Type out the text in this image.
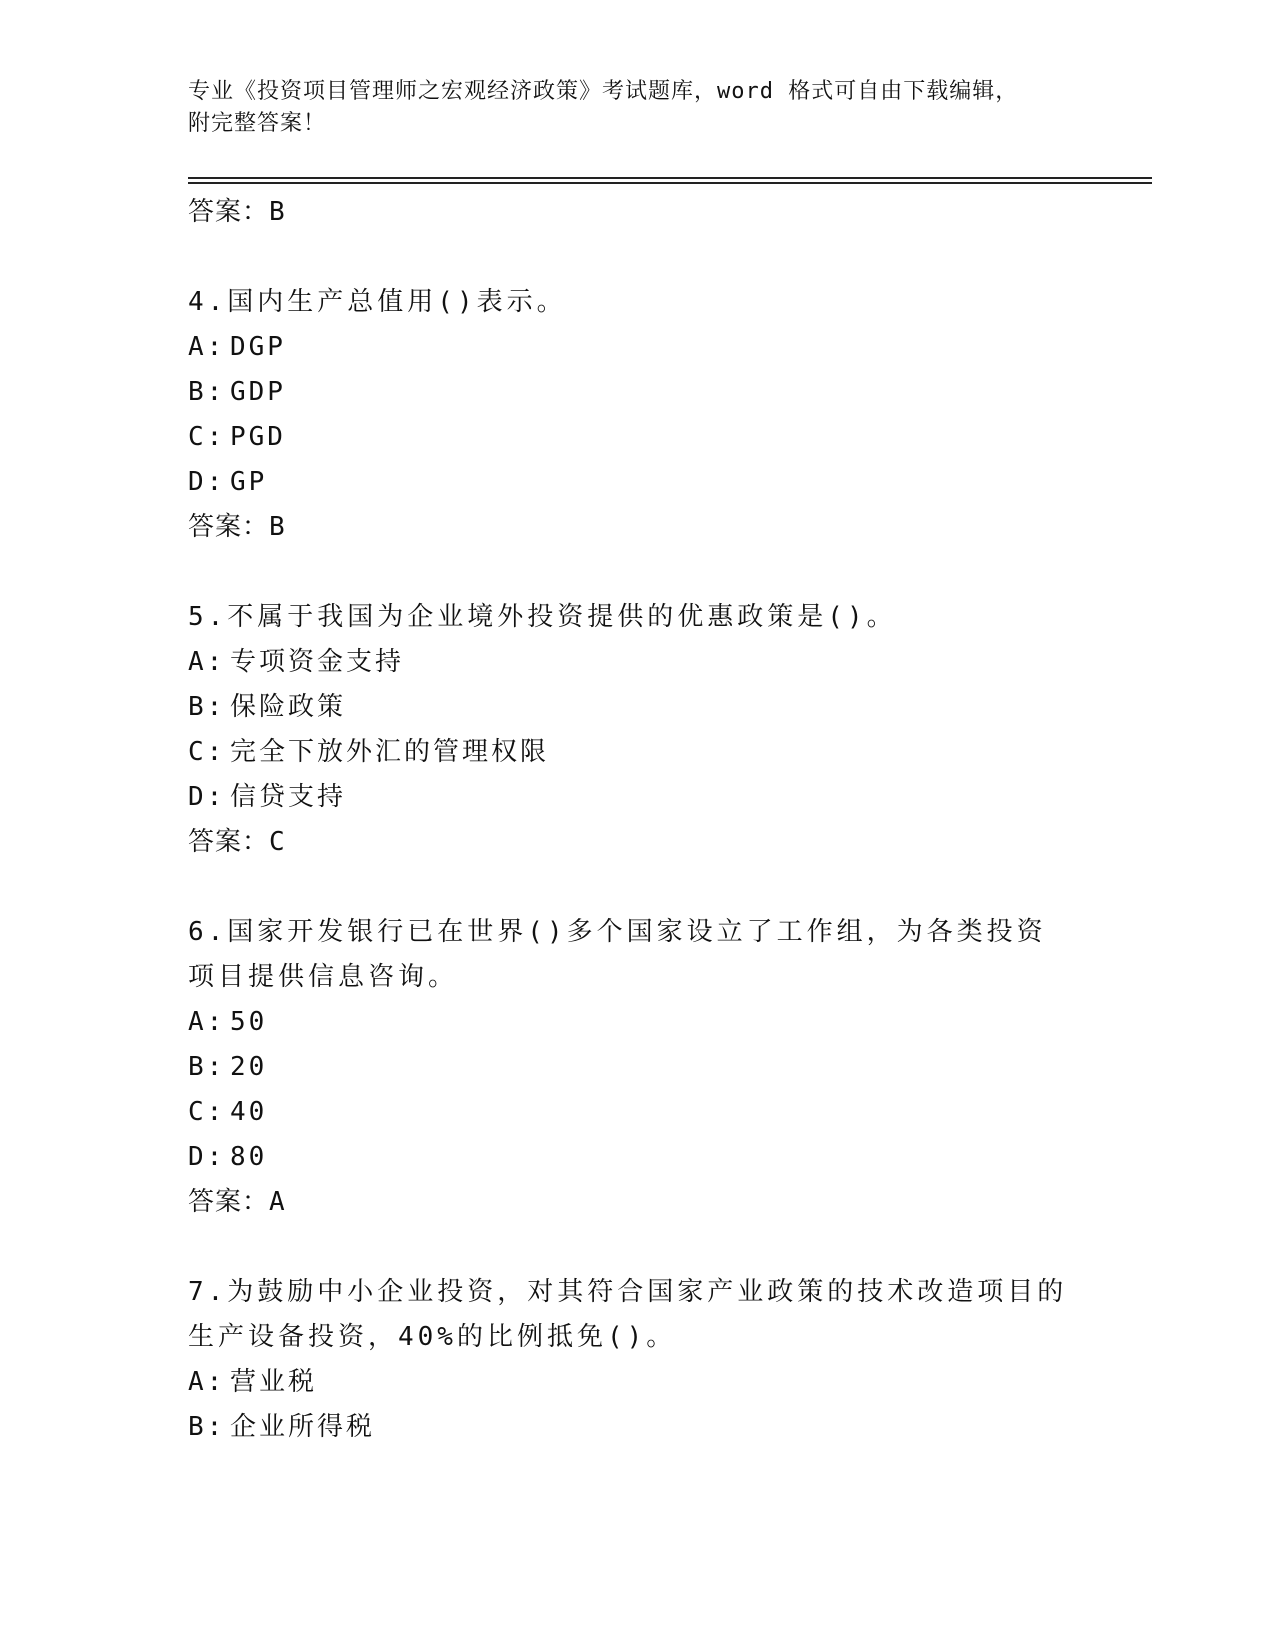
专业《投资项目管理师之宏观经济政策》考试题库，word 格式可自由下载编辑，
附完整答案！

答案：B

4.国内生产总值用()表示。

A: DGP

B: GDP

C: PGD

D: GP

答案：B

5.不属于我国为企业境外投资提供的优惠政策是()。

A: 专项资金支持

B: 保险政策

C: 完全下放外汇的管理权限

D: 信贷支持

答案：C

6.国家开发银行已在世界()多个国家设立了工作组，为各类投资项目提供信息咨询。

A: 50

B: 20

C: 40

D: 80

答案：A

7.为鼓励中小企业投资，对其符合国家产业政策的技术改造项目的生产设备投资，40%的比例抵免()。

A: 营业税

B: 企业所得税
